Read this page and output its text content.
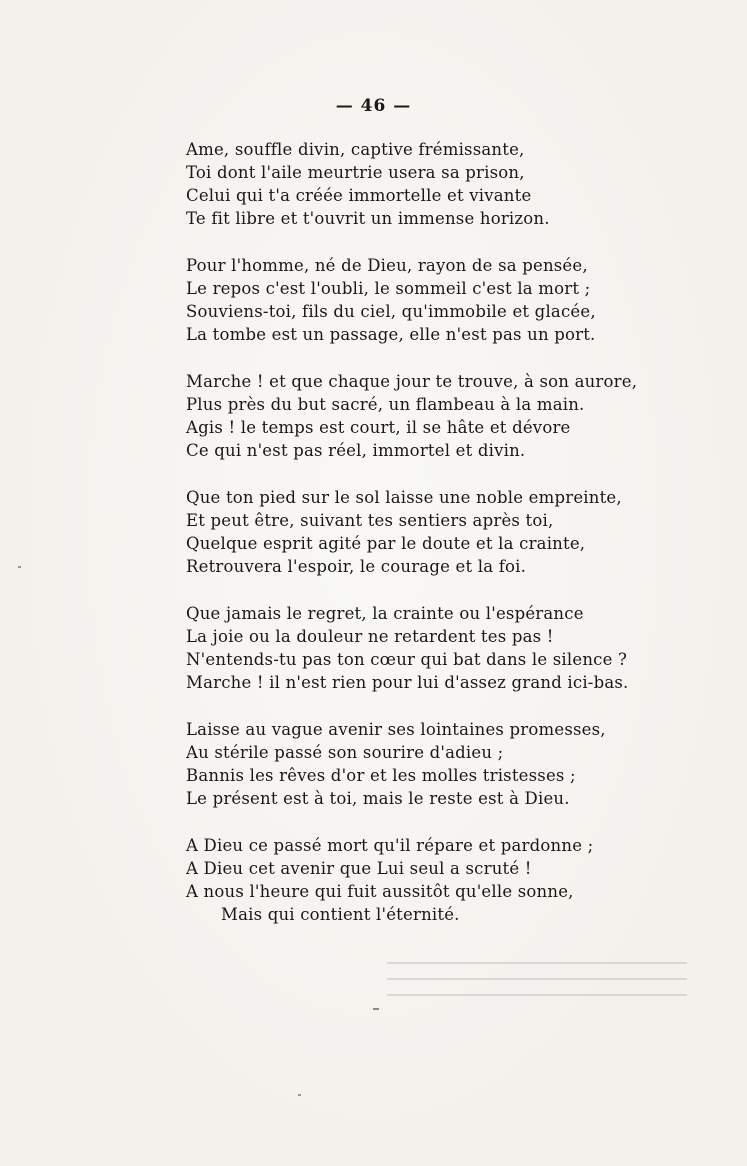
— 46 —
Ame, souffle divin, captive frémissante,
Toi dont l'aile meurtrie usera sa prison,
Celui qui t'a créée immortelle et vivante
Te fit libre et t'ouvrit un immense horizon.
Pour l'homme, né de Dieu, rayon de sa pensée,
Le repos c'est l'oubli, le sommeil c'est la mort ;
Souviens-toi, fils du ciel, qu'immobile et glacée,
La tombe est un passage, elle n'est pas un port.
Marche ! et que chaque jour te trouve, à son aurore,
Plus près du but sacré, un flambeau à la main.
Agis ! le temps est court, il se hâte et dévore
Ce qui n'est pas réel, immortel et divin.
Que ton pied sur le sol laisse une noble empreinte,
Et peut être, suivant tes sentiers après toi,
Quelque esprit agité par le doute et la crainte,
Retrouvera l'espoir, le courage et la foi.
Que jamais le regret, la crainte ou l'espérance
La joie ou la douleur ne retardent tes pas !
N'entends-tu pas ton cœur qui bat dans le silence ?
Marche ! il n'est rien pour lui d'assez grand ici-bas.
Laisse au vague avenir ses lointaines promesses,
Au stérile passé son sourire d'adieu ;
Bannis les rêves d'or et les molles tristesses ;
Le présent est à toi, mais le reste est à Dieu.
A Dieu ce passé mort qu'il répare et pardonne ;
A Dieu cet avenir que Lui seul a scruté !
A nous l'heure qui fuit aussitôt qu'elle sonne,
Mais qui contient l'éternité.
